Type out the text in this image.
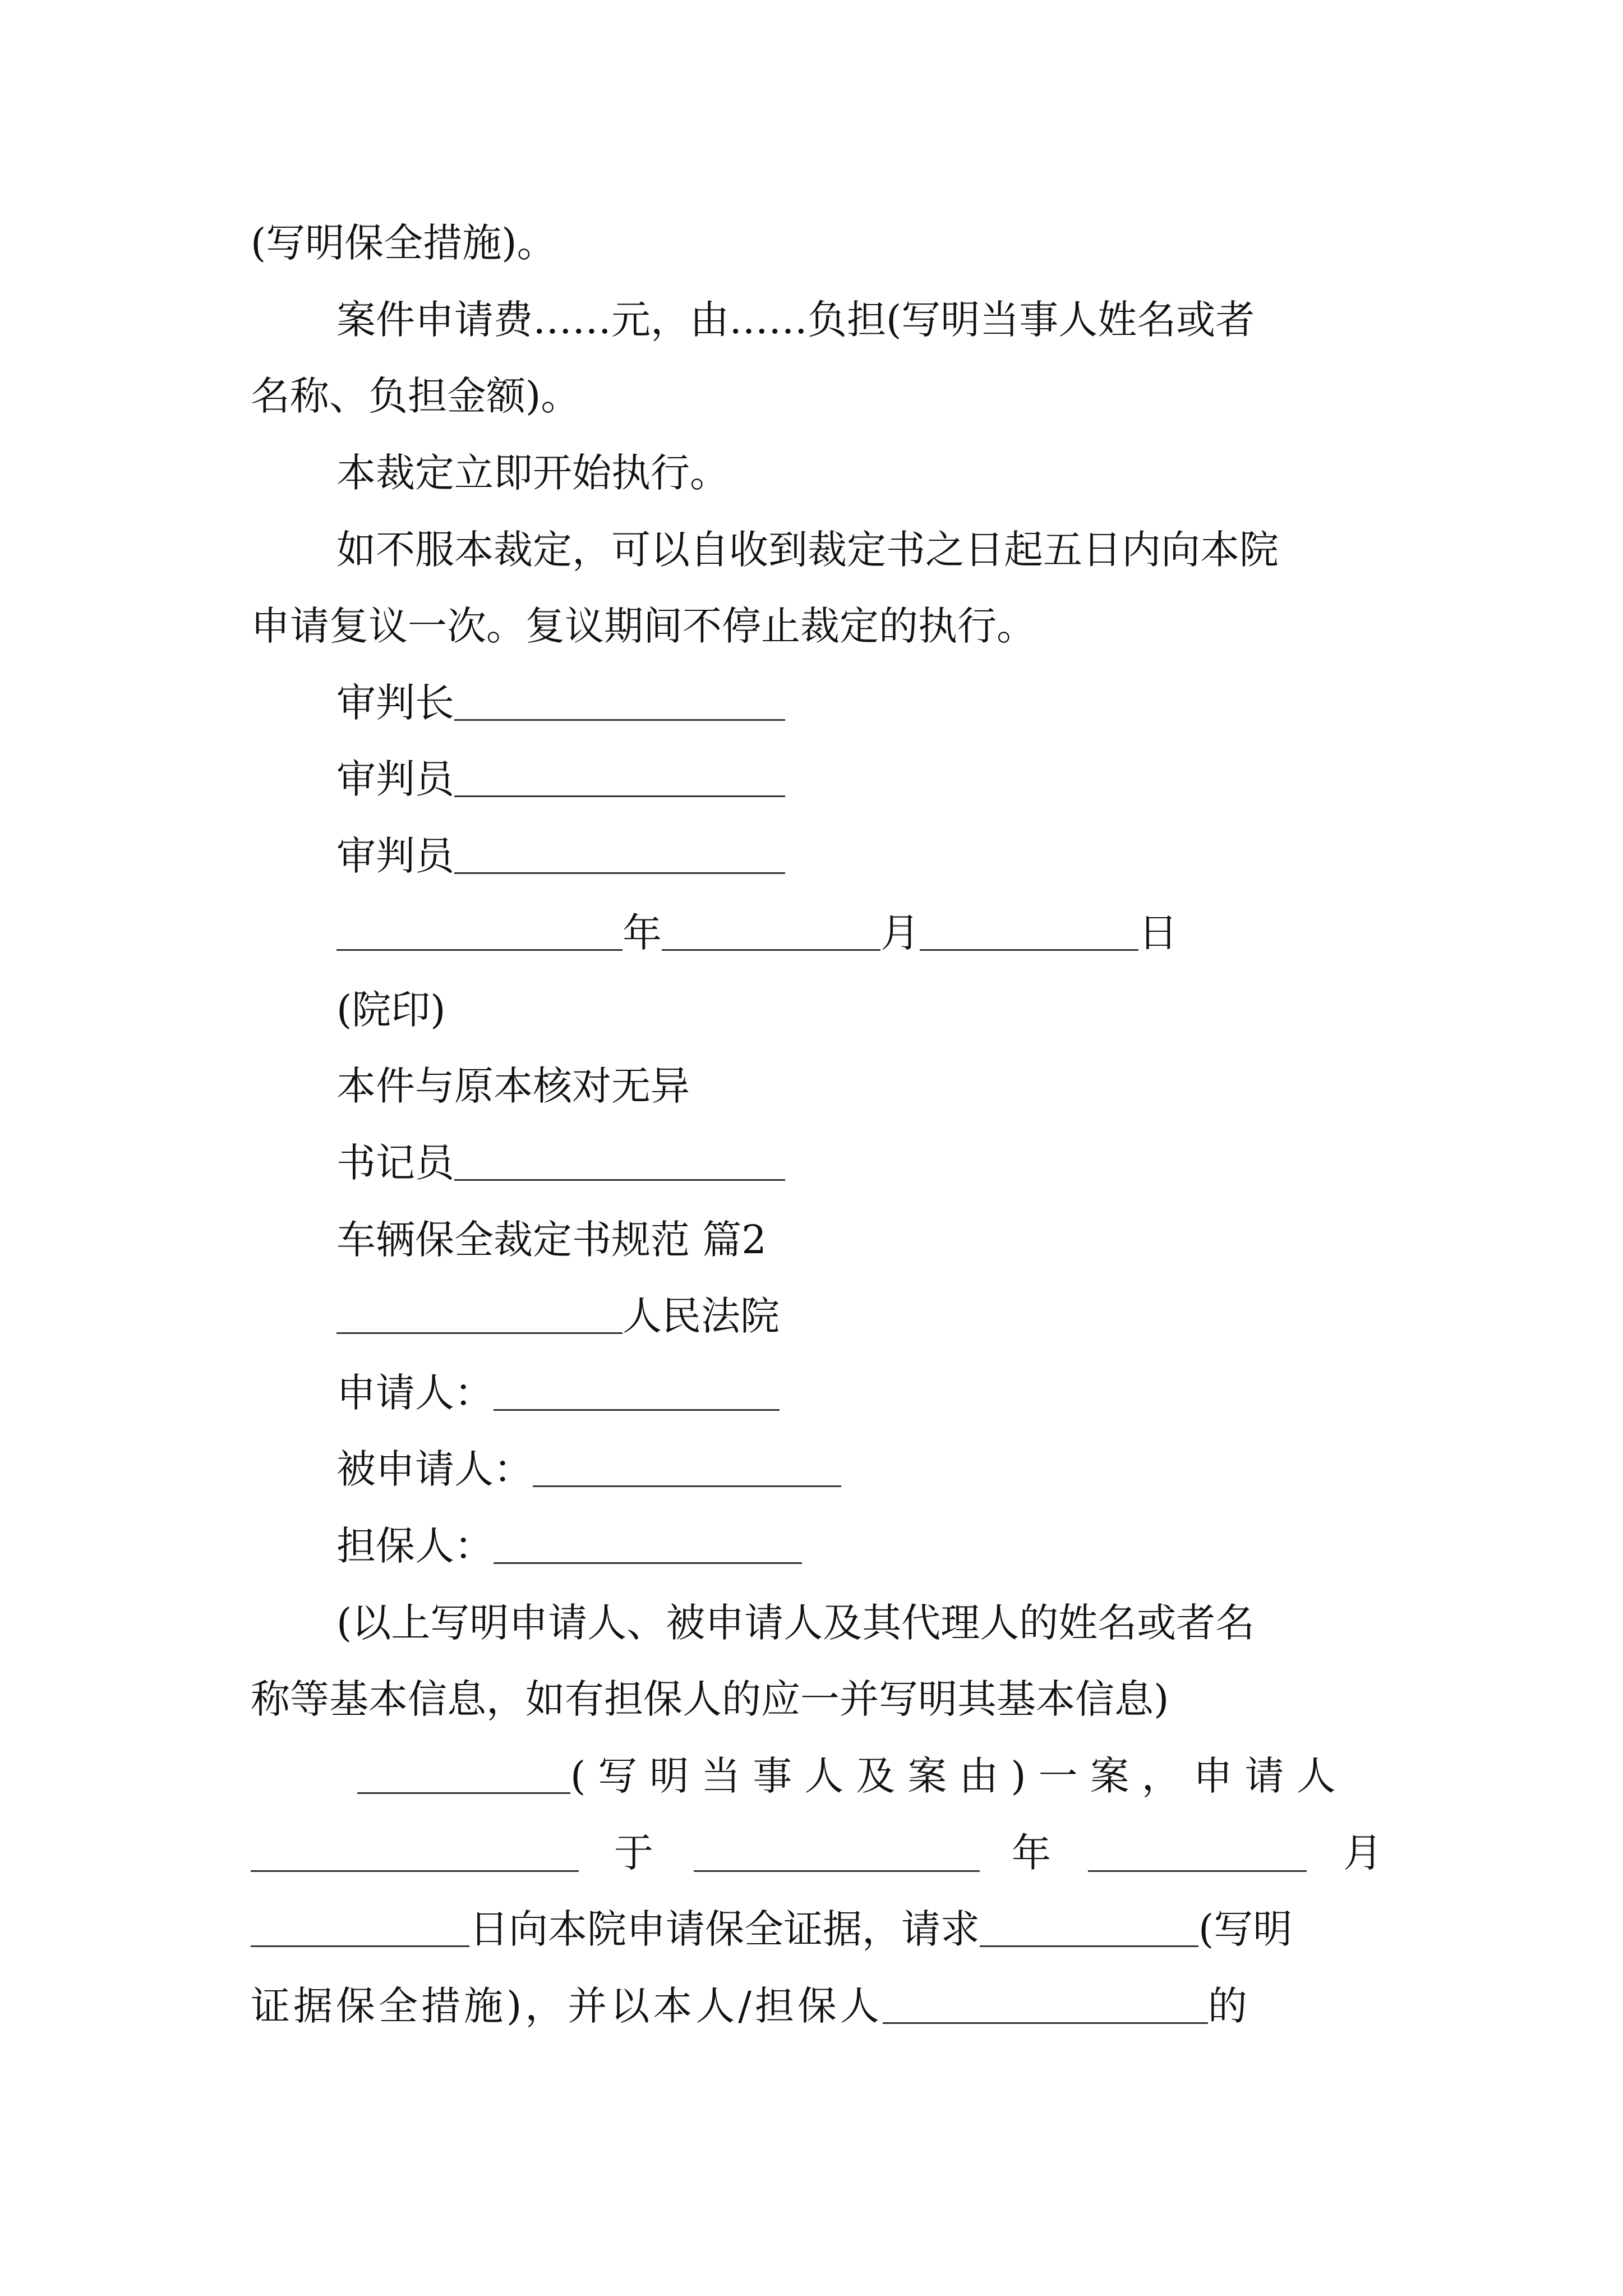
(写明保全措施)。
案件申请费……元，由……负担(写明当事人姓名或者
名称、负担金额)。
本裁定立即开始执行。
如不服本裁定，可以自收到裁定书之日起五日内向本院
申请复议一次。复议期间不停止裁定的执行。
审判长
审判员
审判员
年	月	日
(院印)
本件与原本核对无异
书记员
车辆保全裁定书规范 篇2
人民法院
申请人：
被申请人：
担保人：
(以上写明申请人、被申请人及其代理人的姓名或者名
称等基本信息，如有担保人的应一并写明其基本信息)
(写明当事人及案由)一案，申请人
于	年	月
日向本院申请保全证据，请求	(写明
证据保全措施)，并以本人/担保人	的
